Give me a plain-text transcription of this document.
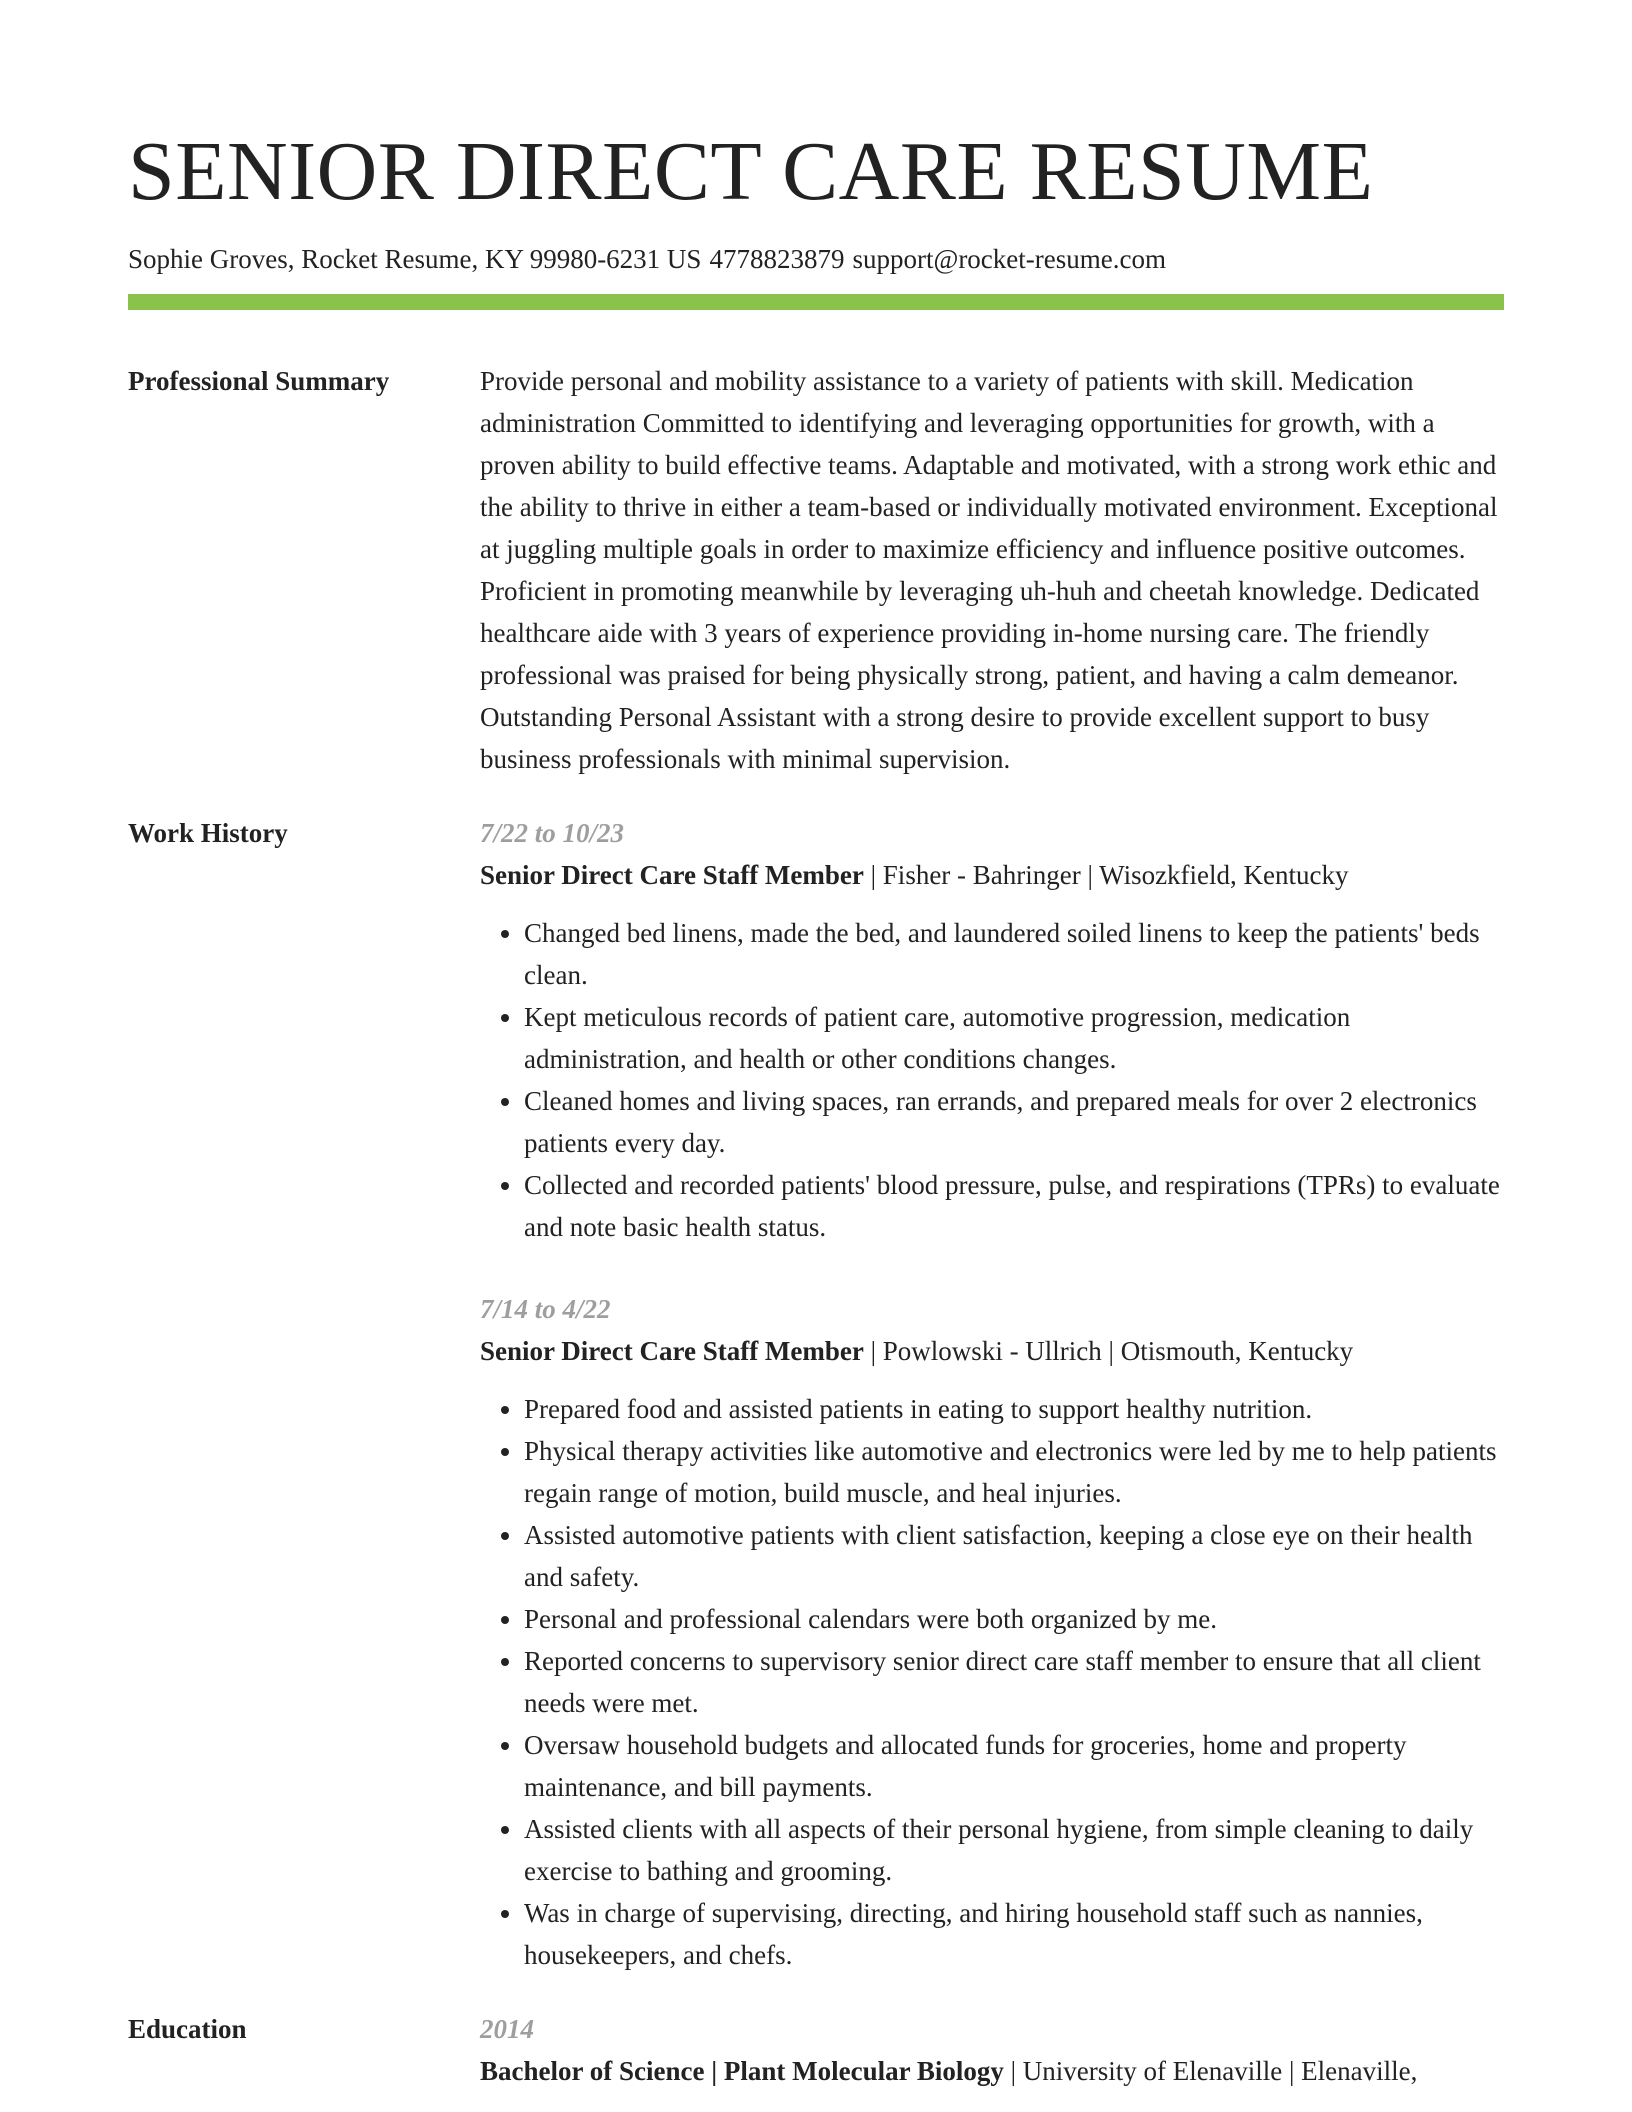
SENIOR DIRECT CARE RESUME
Sophie Groves, Rocket Resume, KY 99980-6231 US 4778823879 support@rocket-resume.com
Professional Summary	Provide personal and mobility assistance to a variety of patients with skill. Medication administration Committed to identifying and leveraging opportunities for growth, with a proven ability to build effective teams. Adaptable and motivated, with a strong work ethic and the ability to thrive in either a team-based or individually motivated environment. Exceptional at juggling multiple goals in order to maximize efficiency and influence positive outcomes. Proficient in promoting meanwhile by leveraging uh-huh and cheetah knowledge. Dedicated healthcare aide with 3 years of experience providing in-home nursing care. The friendly professional was praised for being physically strong, patient, and having a calm demeanor. Outstanding Personal Assistant with a strong desire to provide excellent support to busy business professionals with minimal supervision.

Work History	7/22 to 10/23
Senior Direct Care Staff Member | Fisher - Bahringer | Wisozkfield, Kentucky
• Changed bed linens, made the bed, and laundered soiled linens to keep the patients' beds clean.
• Kept meticulous records of patient care, automotive progression, medication administration, and health or other conditions changes.
• Cleaned homes and living spaces, ran errands, and prepared meals for over 2 electronics patients every day.
• Collected and recorded patients' blood pressure, pulse, and respirations (TPRs) to evaluate and note basic health status.
7/14 to 4/22
Senior Direct Care Staff Member | Powlowski - Ullrich | Otismouth, Kentucky
• Prepared food and assisted patients in eating to support healthy nutrition.
• Physical therapy activities like automotive and electronics were led by me to help patients regain range of motion, build muscle, and heal injuries.
• Assisted automotive patients with client satisfaction, keeping a close eye on their health and safety.
• Personal and professional calendars were both organized by me.
• Reported concerns to supervisory senior direct care staff member to ensure that all client needs were met.
• Oversaw household budgets and allocated funds for groceries, home and property maintenance, and bill payments.
• Assisted clients with all aspects of their personal hygiene, from simple cleaning to daily exercise to bathing and grooming.
• Was in charge of supervising, directing, and hiring household staff such as nannies, housekeepers, and chefs.
Education	2014
Bachelor of Science | Plant Molecular Biology | University of Elenaville | Elenaville,
